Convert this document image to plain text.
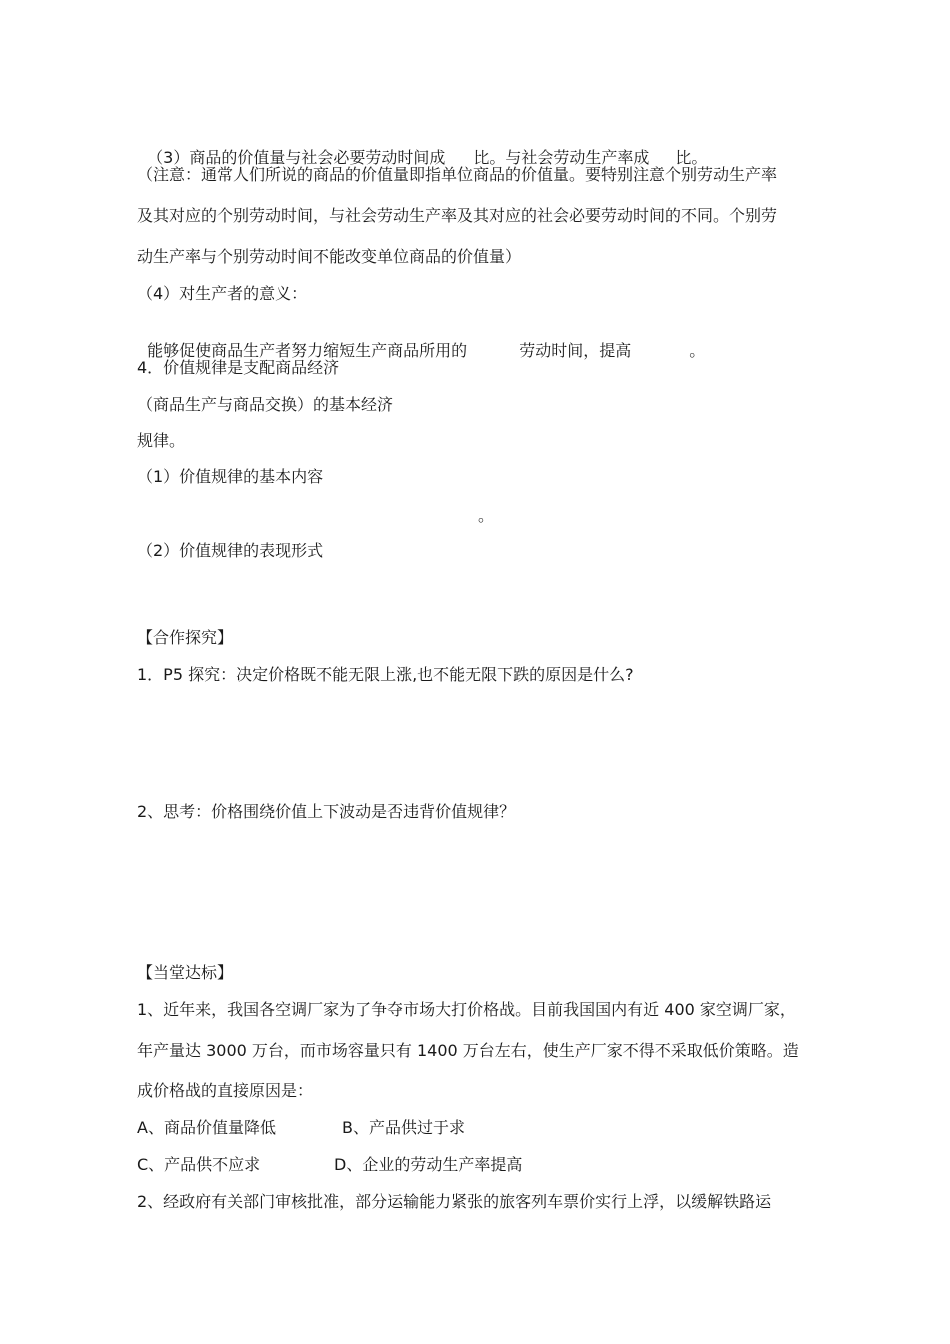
（3）商品的价值量与社会必要劳动时间成 比。与社会劳动生产率成 比。

（注意：通常人们所说的商品的价值量即指单位商品的价值量。要特别注意个别劳动生产率
及其对应的个别劳动时间，与社会劳动生产率及其对应的社会必要劳动时间的不同。个别劳
动生产率与个别劳动时间不能改变单位商品的价值量）
（4）对生产者的意义：

能够促使商品生产者努力缩短生产商品所用的	劳动时间，提高	。

4．价值规律是支配商品经济
（商品生产与商品交换）的基本经济
规律。
（1）价值规律的基本内容
。
（2）价值规律的表现形式
【合作探究】
1．P5 探究：决定价格既不能无限上涨,也不能无限下跌的原因是什么?
2、思考：价格围绕价值上下波动是否违背价值规律？
【当堂达标】
1、近年来，我国各空调厂家为了争夺市场大打价格战。目前我国国内有近 400 家空调厂家，
年产量达 3000 万台，而市场容量只有 1400 万台左右，使生产厂家不得不采取低价策略。造
成价格战的直接原因是：
A、商品价值量降低	B、产品供过于求
C、产品供不应求	D、企业的劳动生产率提高
2、经政府有关部门审核批准，部分运输能力紧张的旅客列车票价实行上浮，以缓解铁路运
